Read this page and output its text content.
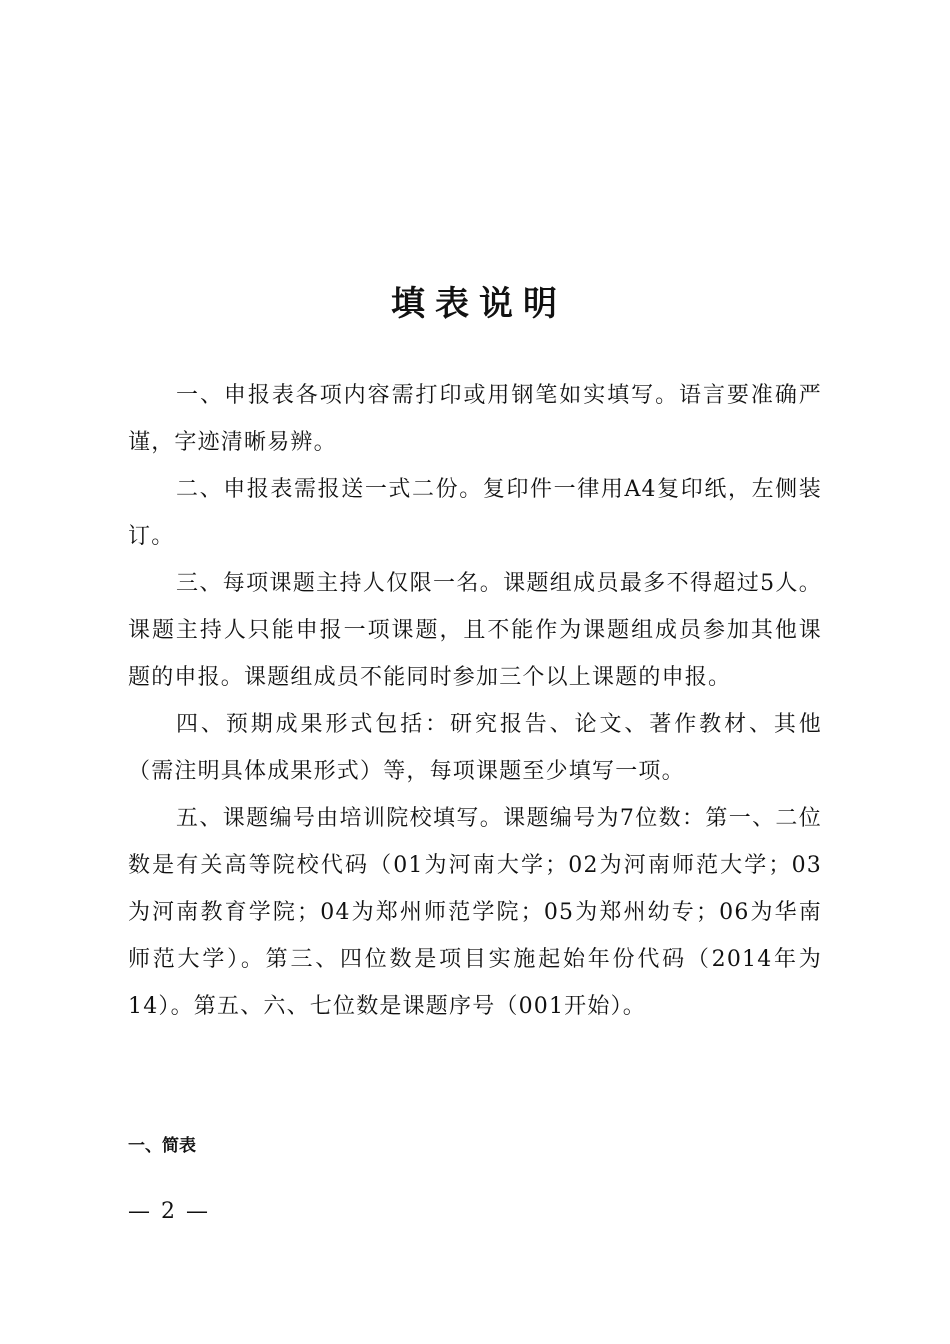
填表说明

一、申报表各项内容需打印或用钢笔如实填写。语言要准确严谨，字迹清晰易辨。

二、申报表需报送一式二份。复印件一律用A4复印纸，左侧装订。

三、每项课题主持人仅限一名。课题组成员最多不得超过5人。课题主持人只能申报一项课题，且不能作为课题组成员参加其他课题的申报。课题组成员不能同时参加三个以上课题的申报。

四、预期成果形式包括：研究报告、论文、著作教材、其他（需注明具体成果形式）等，每项课题至少填写一项。

五、课题编号由培训院校填写。课题编号为7位数：第一、二位数是有关高等院校代码（01为河南大学；02为河南师范大学；03为河南教育学院；04为郑州师范学院；05为郑州幼专；06为华南师范大学）。第三、四位数是项目实施起始年份代码（2014年为14）。第五、六、七位数是课题序号（001开始）。

一、简表
— 2 —
